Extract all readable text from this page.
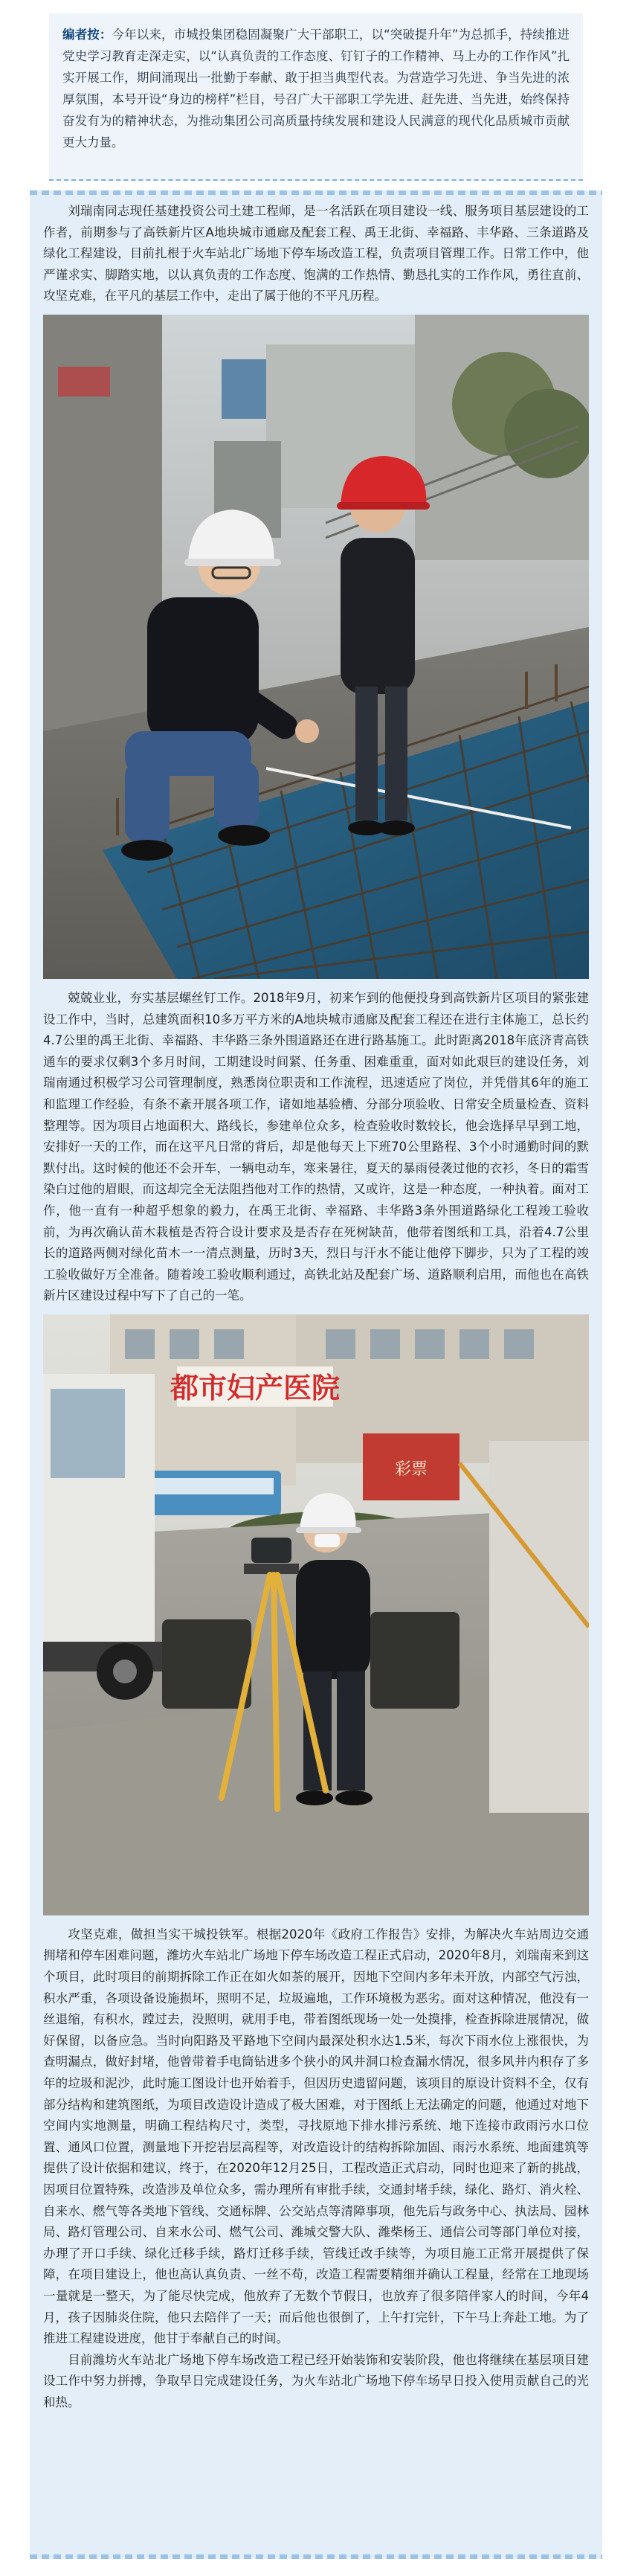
编者按：今年以来，市城投集团稳固凝聚广大干部职工，以“突破提升年”为总抓手，持续推进党史学习教育走深走实，以“认真负责的工作态度、钉钉子的工作精神、马上办的工作作风”扎实开展工作，期间涌现出一批勤于奉献、敢于担当典型代表。为营造学习先进、争当先进的浓厚氛围，本号开设“身边的榜样”栏目，号召广大干部职工学先进、赶先进、当先进，始终保持奋发有为的精神状态，为推动集团公司高质量持续发展和建设人民满意的现代化品质城市贡献更大力量。

刘瑞南同志现任基建投资公司土建工程师，是一名活跃在项目建设一线、服务项目基层建设的工作者，前期参与了高铁新片区A地块城市通廊及配套工程、禹王北街、幸福路、丰华路、三条道路及绿化工程建设，目前扎根于火车站北广场地下停车场改造工程，负责项目管理工作。日常工作中，他严谨求实、脚踏实地，以认真负责的工作态度、饱满的工作热情、勤恳扎实的工作作风，勇往直前、攻坚克难，在平凡的基层工作中，走出了属于他的不平凡历程。

兢兢业业，夯实基层螺丝钉工作。2018年9月，初来乍到的他便投身到高铁新片区项目的紧张建设工作中，当时，总建筑面积10多万平方米的A地块城市通廊及配套工程还在进行主体施工，总长约4.7公里的禹王北街、幸福路、丰华路三条外围道路还在进行路基施工。此时距离2018年底济青高铁通车的要求仅剩3个多月时间，工期建设时间紧、任务重、困难重重，面对如此艰巨的建设任务，刘瑞南通过积极学习公司管理制度，熟悉岗位职责和工作流程，迅速适应了岗位，并凭借其6年的施工和监理工作经验，有条不紊开展各项工作，诸如地基验槽、分部分项验收、日常安全质量检查、资料整理等。因为项目占地面积大、路线长，参建单位众多，检查验收时数较长，他会选择早早到工地，安排好一天的工作，而在这平凡日常的背后，却是他每天上下班70公里路程、3个小时通勤时间的默默付出。这时候的他还不会开车，一辆电动车，寒来暑往，夏天的暴雨侵袭过他的衣衫，冬日的霜雪染白过他的眉眼，而这却完全无法阻挡他对工作的热情，又或许，这是一种态度，一种执着。面对工作，他一直有一种超乎想象的毅力，在禹王北街、幸福路、丰华路3条外围道路绿化工程竣工验收前，为再次确认苗木栽植是否符合设计要求及是否存在死树缺苗，他带着图纸和工具，沿着4.7公里长的道路两侧对绿化苗木一一清点测量，历时3天，烈日与汗水不能让他停下脚步，只为了工程的竣工验收做好万全准备。随着竣工验收顺利通过，高铁北站及配套广场、道路顺利启用，而他也在高铁新片区建设过程中写下了自己的一笔。

都市妇产医院
彩票

攻坚克难，做担当实干城投铁军。根据2020年《政府工作报告》安排，为解决火车站周边交通拥堵和停车困难问题，潍坊火车站北广场地下停车场改造工程正式启动，2020年8月，刘瑞南来到这个项目，此时项目的前期拆除工作正在如火如荼的展开，因地下空间内多年未开放，内部空气污浊，积水严重，各项设备设施损坏，照明不足，垃圾遍地，工作环境极为恶劣。面对这种情况，他没有一丝退缩，有积水，蹚过去，没照明，就用手电，带着图纸现场一处一处摸排，检查拆除进展情况，做好保留，以备应急。当时向阳路及平路地下空间内最深处积水达1.5米，每次下雨水位上涨很快，为查明漏点，做好封堵，他曾带着手电筒钻进多个狭小的风井洞口检查漏水情况，很多风井内积存了多年的垃圾和泥沙，此时施工图设计也开始着手，但因历史遗留问题，该项目的原设计资料不全，仅有部分结构和建筑图纸，为项目改造设计造成了极大困难，对于图纸上无法确定的问题，他通过对地下空间内实地测量，明确工程结构尺寸，类型，寻找原地下排水排污系统、地下连接市政雨污水口位置、通风口位置，测量地下开挖岩层高程等，对改造设计的结构拆除加固、雨污水系统、地面建筑等提供了设计依据和建议，终于，在2020年12月25日，工程改造正式启动，同时也迎来了新的挑战，因项目位置特殊，改造涉及单位众多，需办理所有审批手续，交通封堵手续，绿化、路灯、消火栓、自来水、燃气等各类地下管线、交通标牌、公交站点等清障事项，他先后与政务中心、执法局、园林局、路灯管理公司、自来水公司、燃气公司、潍城交警大队、潍柴杨王、通信公司等部门单位对接，办理了开口手续、绿化迁移手续，路灯迁移手续，管线迁改手续等，为项目施工正常开展提供了保障，在项目建设上，他也高认真负责、一丝不苟，改造工程需要精细并确认工程量，经常在工地现场一量就是一整天，为了能尽快完成，他放弃了无数个节假日，也放弃了很多陪伴家人的时间，今年4月，孩子因肺炎住院，他只去陪伴了一天；而后他也很倒了，上午打完针，下午马上奔赴工地。为了推进工程建设进度，他甘于奉献自己的时间。

目前潍坊火车站北广场地下停车场改造工程已经开始装饰和安装阶段，他也将继续在基层项目建设工作中努力拼搏，争取早日完成建设任务，为火车站北广场地下停车场早日投入使用贡献自己的光和热。
